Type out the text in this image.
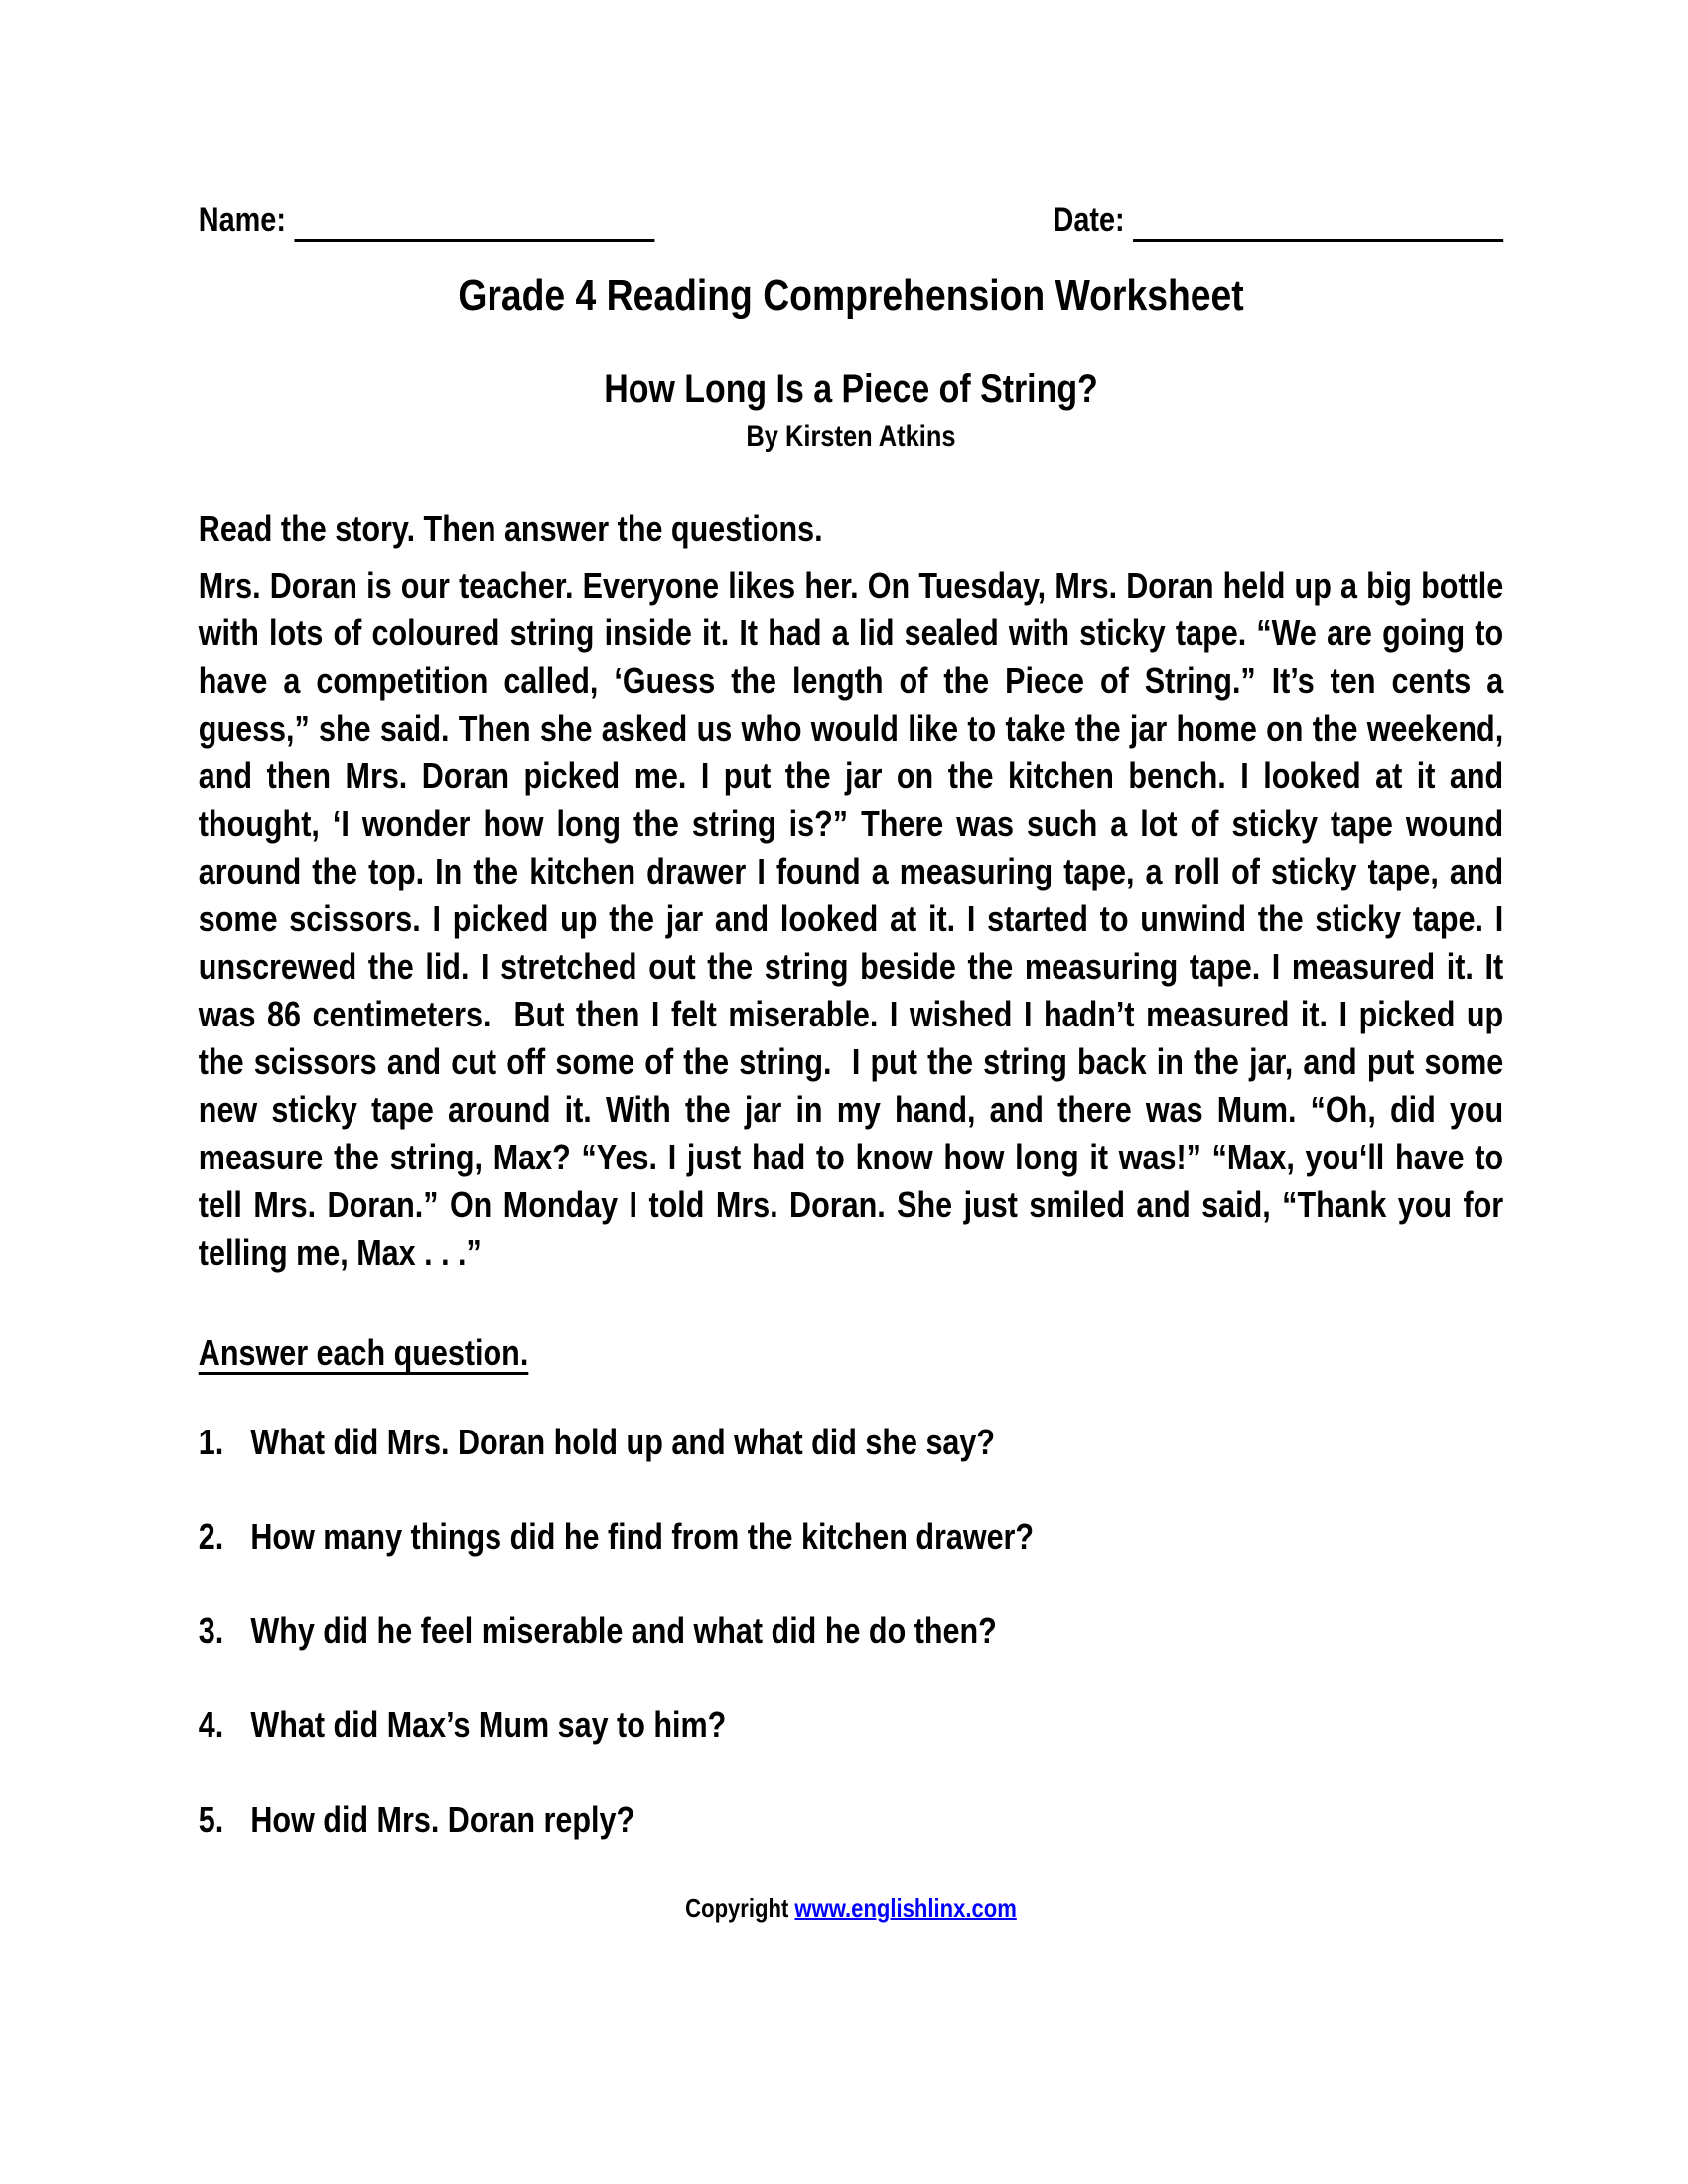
Name:	Date:
Grade 4 Reading Comprehension Worksheet
How Long Is a Piece of String?
By Kirsten Atkins
Read the story. Then answer the questions.
Mrs. Doran is our teacher. Everyone likes her. On Tuesday, Mrs. Doran held up a big bottle with lots of coloured string inside it. It had a lid sealed with sticky tape. “We are going to have a competition called, ‘Guess the length of the Piece of String.” It’s ten cents a guess,” she said. Then she asked us who would like to take the jar home on the weekend, and then Mrs. Doran picked me. I put the jar on the kitchen bench. I looked at it and thought, ‘I wonder how long the string is?” There was such a lot of sticky tape wound around the top. In the kitchen drawer I found a measuring tape, a roll of sticky tape, and some scissors. I picked up the jar and looked at it. I started to unwind the sticky tape. I unscrewed the lid. I stretched out the string beside the measuring tape. I measured it. It was 86 centimeters.  But then I felt miserable. I wished I hadn’t measured it. I picked up the scissors and cut off some of the string.  I put the string back in the jar, and put some new sticky tape around it. With the jar in my hand, and there was Mum. “Oh, did you measure the string, Max? “Yes. I just had to know how long it was!” “Max, you‘ll have to tell Mrs. Doran.” On Monday I told Mrs. Doran. She just smiled and said, “Thank you for telling me, Max . . .”
Answer each question.
1. What did Mrs. Doran hold up and what did she say?
2. How many things did he find from the kitchen drawer?
3. Why did he feel miserable and what did he do then?
4. What did Max’s Mum say to him?
5. How did Mrs. Doran reply?
Copyright www.englishlinx.com
